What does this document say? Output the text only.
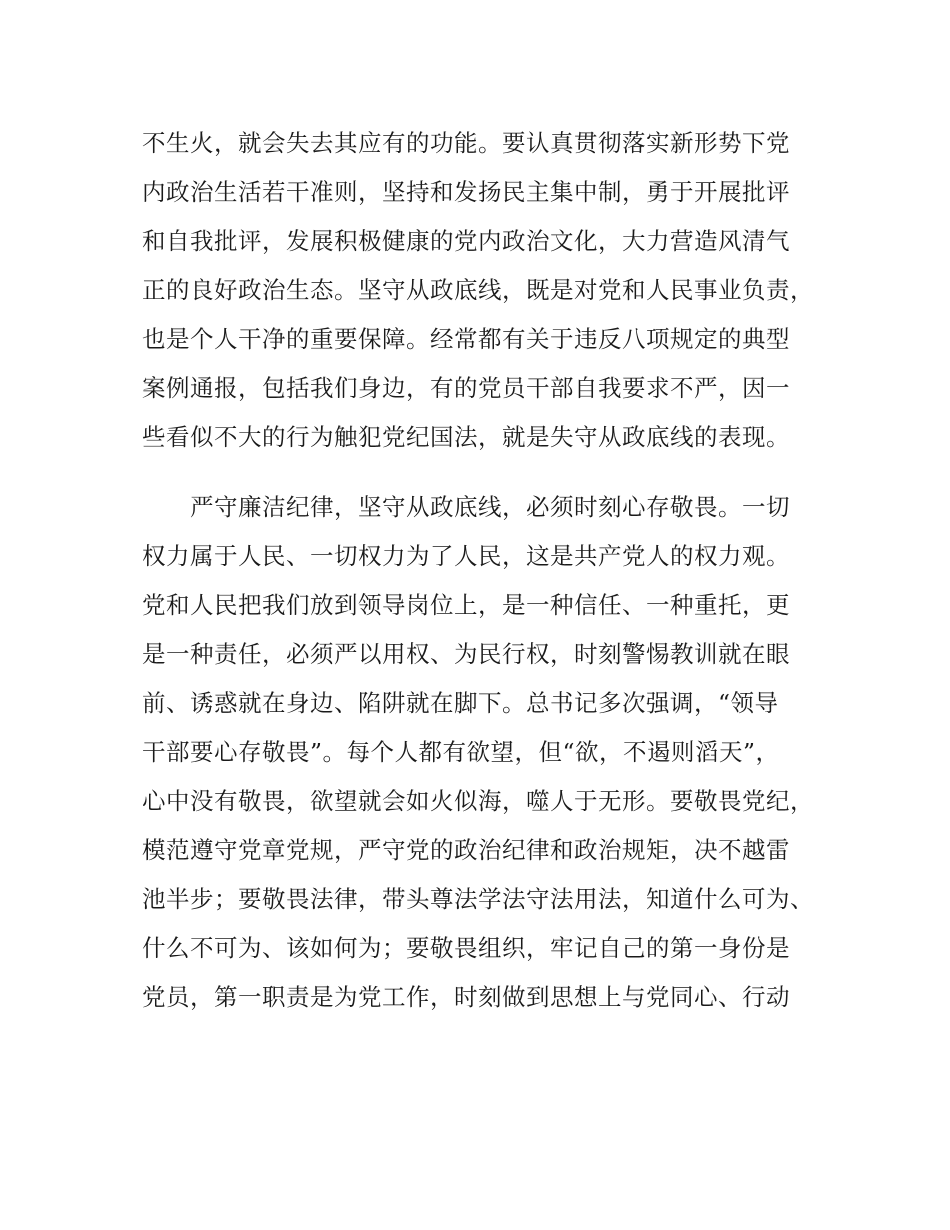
不生火，就会失去其应有的功能。要认真贯彻落实新形势下党
内政治生活若干准则，坚持和发扬民主集中制，勇于开展批评
和自我批评，发展积极健康的党内政治文化，大力营造风清气
正的良好政治生态。坚守从政底线，既是对党和人民事业负责，
也是个人干净的重要保障。经常都有关于违反八项规定的典型
案例通报，包括我们身边，有的党员干部自我要求不严，因一
些看似不大的行为触犯党纪国法，就是失守从政底线的表现。
严守廉洁纪律，坚守从政底线，必须时刻心存敬畏。一切
权力属于人民、一切权力为了人民，这是共产党人的权力观。
党和人民把我们放到领导岗位上，是一种信任、一种重托，更
是一种责任，必须严以用权、为民行权，时刻警惕教训就在眼
前、诱惑就在身边、陷阱就在脚下。总书记多次强调，“领导
干部要心存敬畏”。每个人都有欲望，但“欲，不遏则滔天”，
心中没有敬畏，欲望就会如火似海，噬人于无形。要敬畏党纪，
模范遵守党章党规，严守党的政治纪律和政治规矩，决不越雷
池半步；要敬畏法律，带头尊法学法守法用法，知道什么可为、
什么不可为、该如何为；要敬畏组织，牢记自己的第一身份是
党员，第一职责是为党工作，时刻做到思想上与党同心、行动
